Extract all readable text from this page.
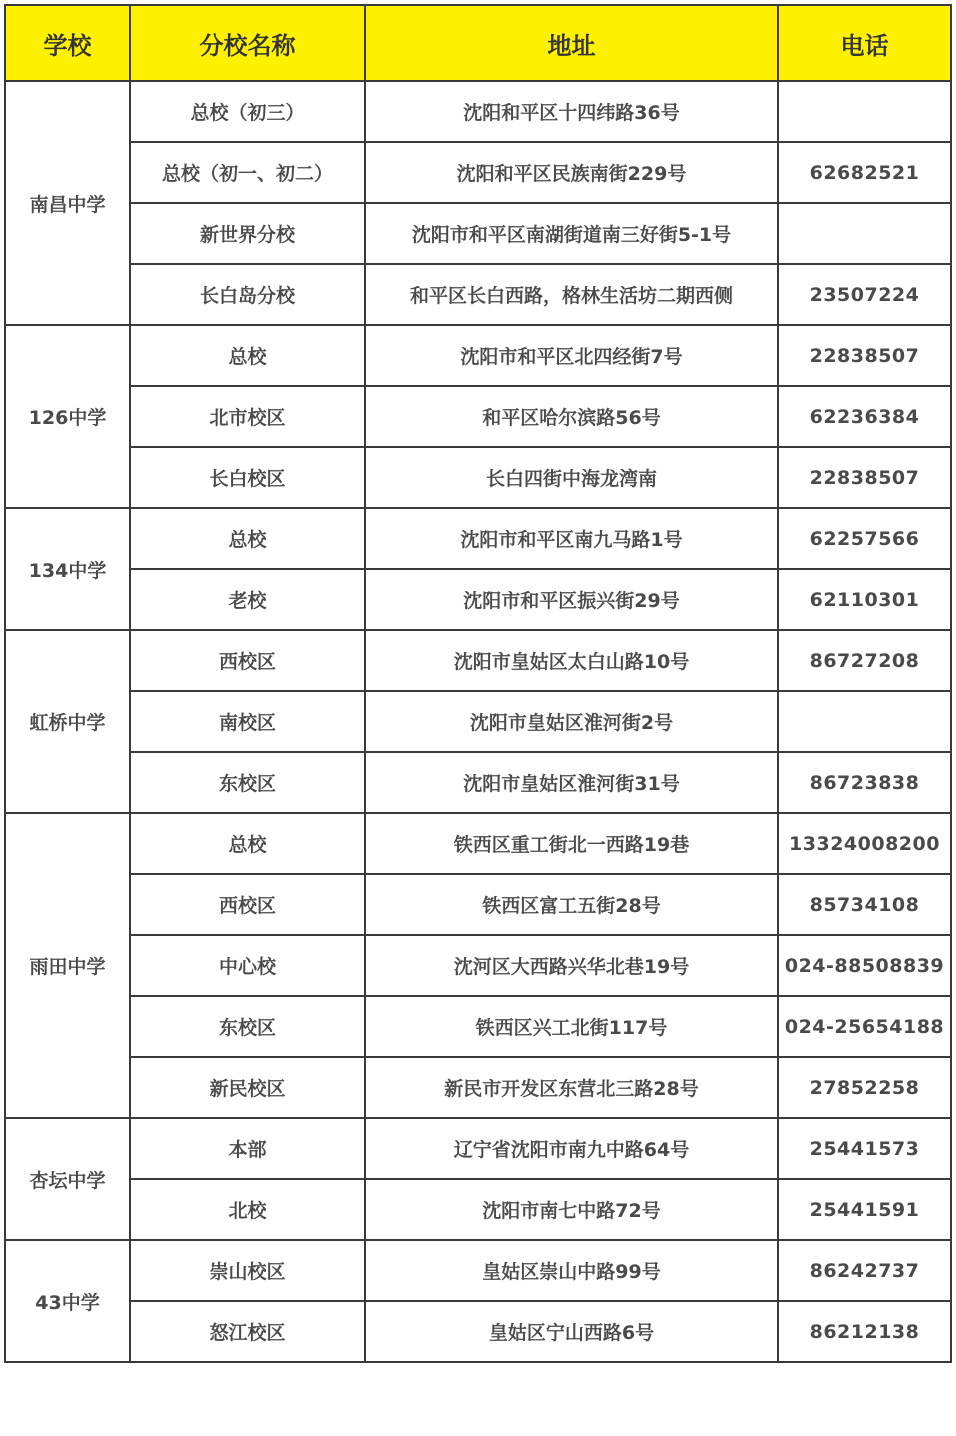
学校	分校名称	地址	电话
南昌中学	总校（初三）	沈阳和平区十四纬路36号	
	总校（初一、初二）	沈阳和平区民族南街229号	62682521
	新世界分校	沈阳市和平区南湖街道南三好街5-1号	
	长白岛分校	和平区长白西路，格林生活坊二期西侧	23507224
126中学	总校	沈阳市和平区北四经街7号	22838507
	北市校区	和平区哈尔滨路56号	62236384
	长白校区	长白四街中海龙湾南	22838507
134中学	总校	沈阳市和平区南九马路1号	62257566
	老校	沈阳市和平区振兴街29号	62110301
虹桥中学	西校区	沈阳市皇姑区太白山路10号	86727208
	南校区	沈阳市皇姑区淮河街2号	
	东校区	沈阳市皇姑区淮河街31号	86723838
雨田中学	总校	铁西区重工街北一西路19巷	13324008200
	西校区	铁西区富工五街28号	85734108
	中心校	沈河区大西路兴华北巷19号	024-88508839
	东校区	铁西区兴工北街117号	024-25654188
	新民校区	新民市开发区东营北三路28号	27852258
杏坛中学	本部	辽宁省沈阳市南九中路64号	25441573
	北校	沈阳市南七中路72号	25441591
43中学	崇山校区	皇姑区崇山中路99号	86242737
	怒江校区	皇姑区宁山西路6号	86212138
